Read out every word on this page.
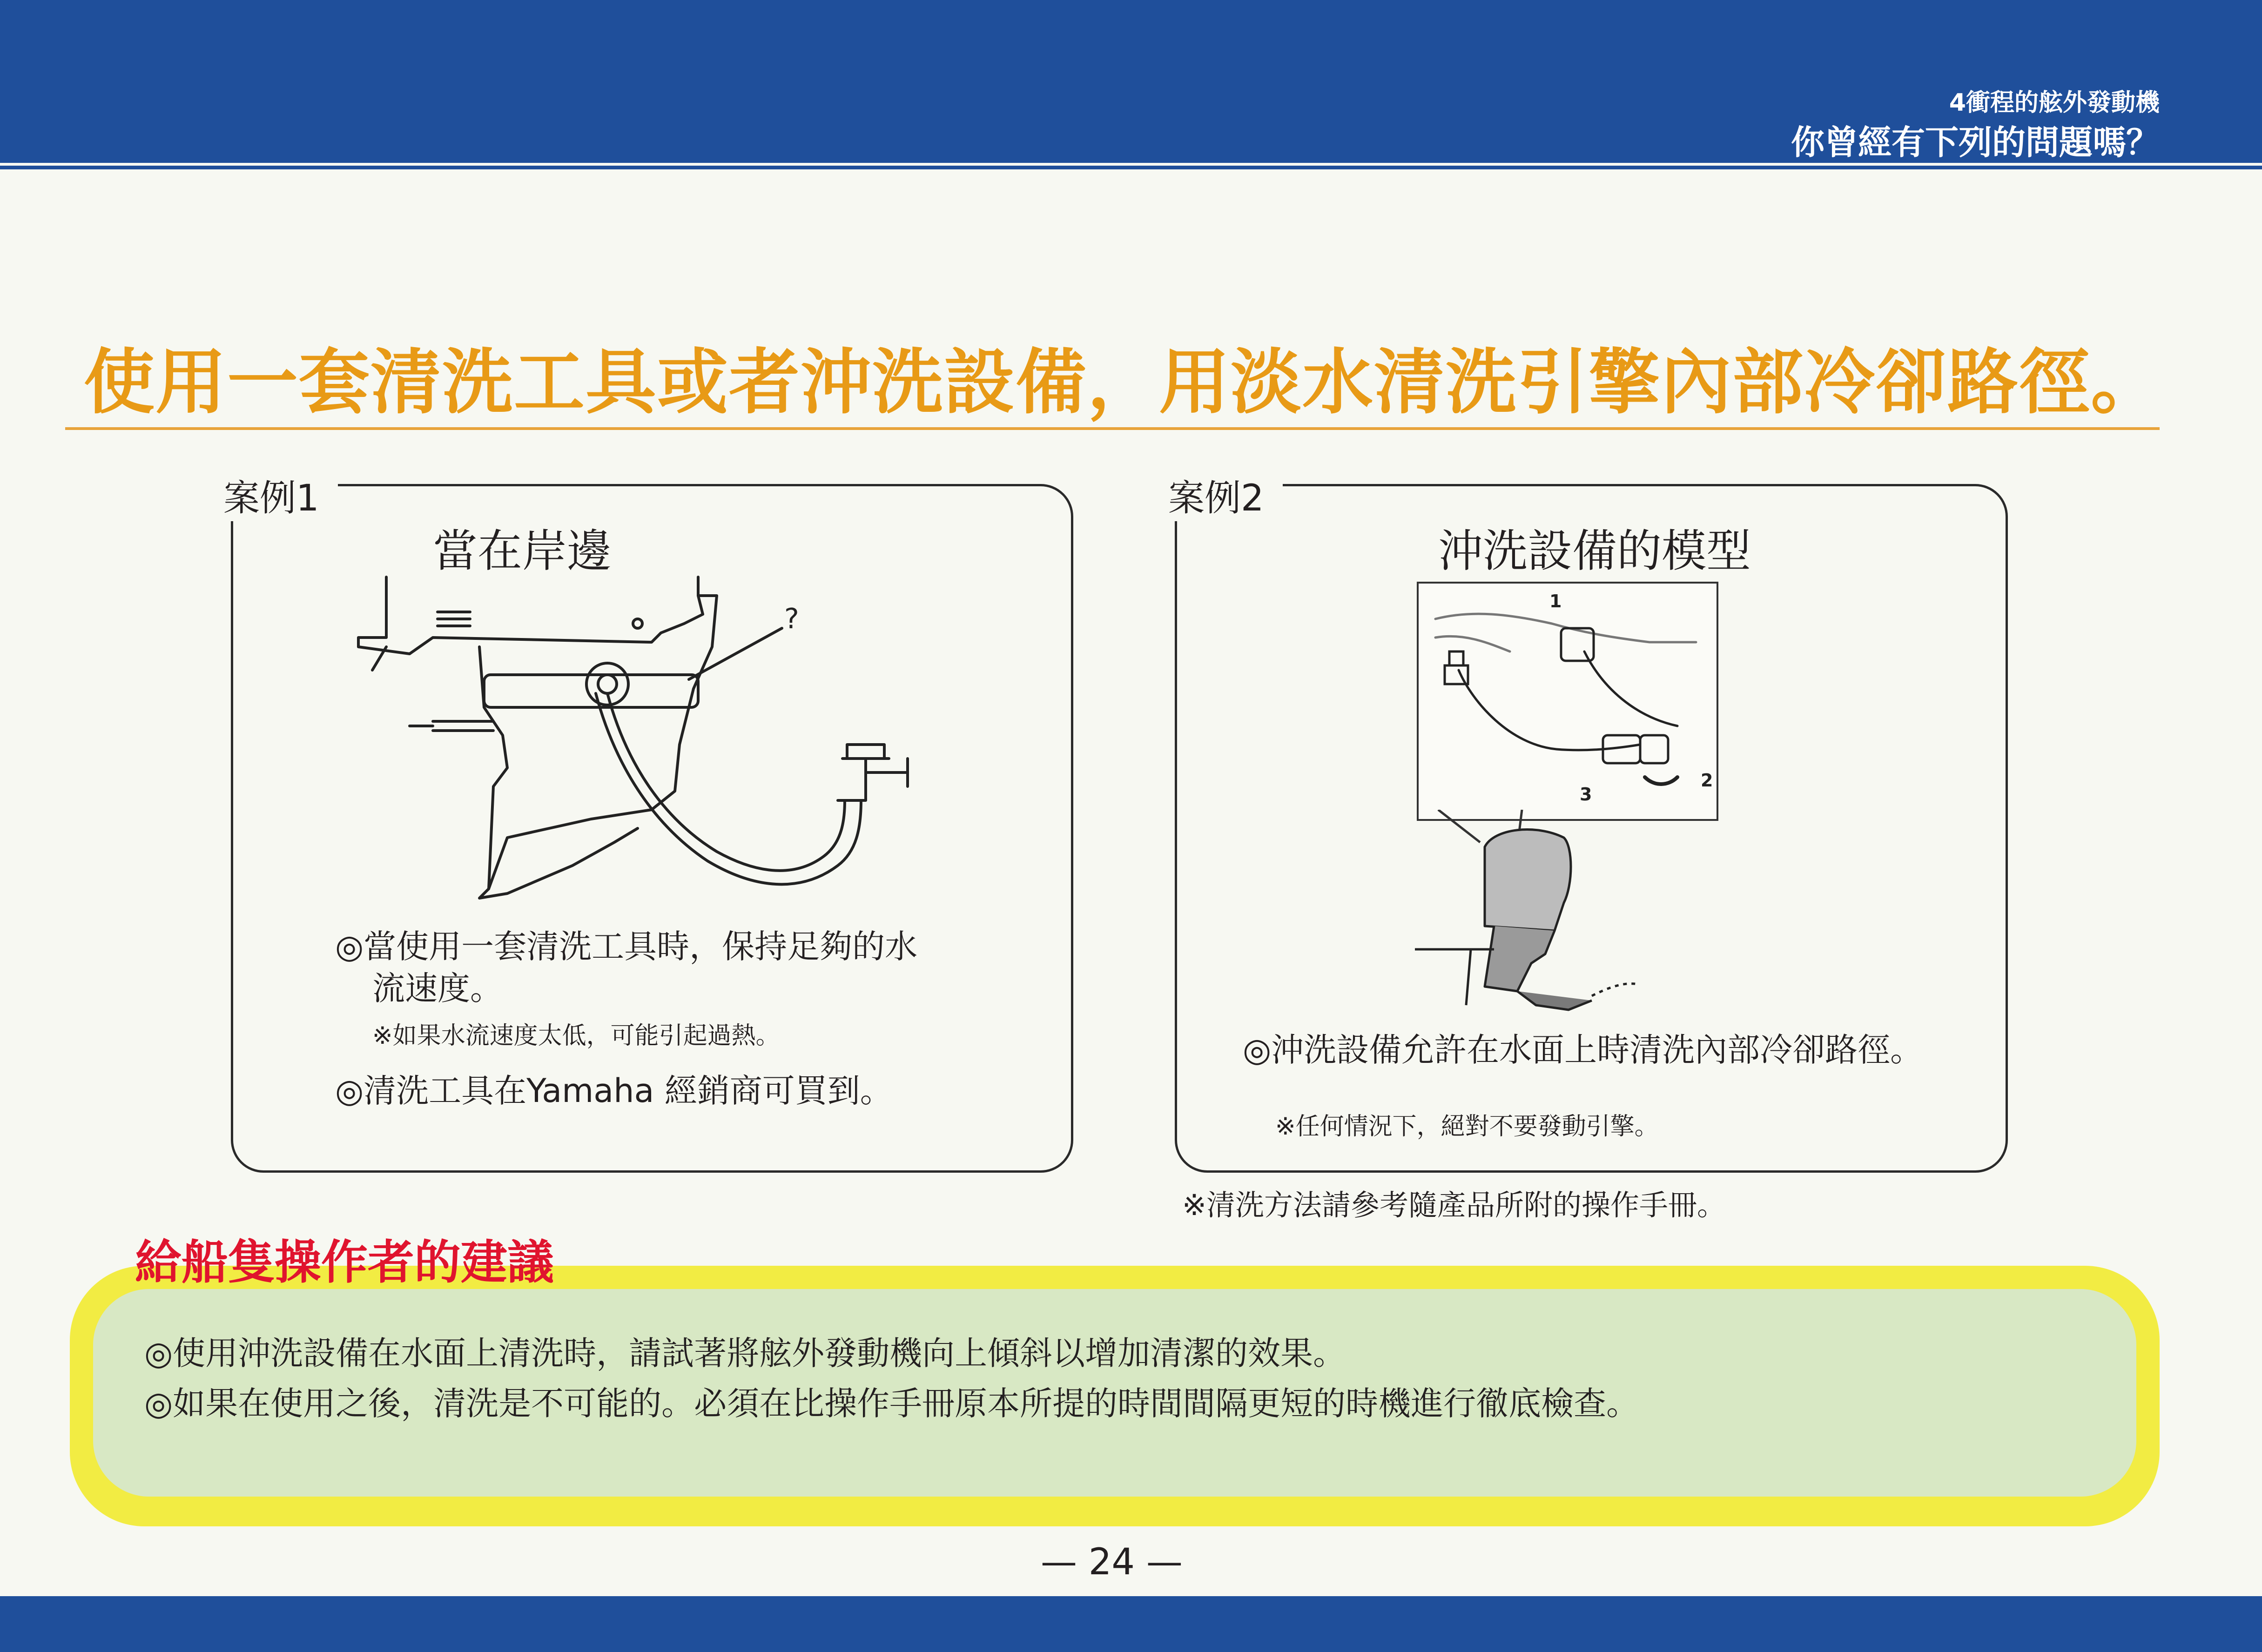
4衝程的舷外發動機
你曾經有下列的問題嗎？
使用一套清洗工具或者沖洗設備，用淡水清洗引擎內部冷卻路徑。
案例1
當在岸邊
?
◎當使用一套清洗工具時，保持足夠的水
流速度。
※如果水流速度太低，可能引起過熱。
◎清洗工具在Yamaha 經銷商可買到。
案例2
沖洗設備的模型
1
2
3
◎沖洗設備允許在水面上時清洗內部冷卻路徑。
※任何情況下，絕對不要發動引擎。
※清洗方法請參考隨產品所附的操作手冊。
給船隻操作者的建議
◎使用沖洗設備在水面上清洗時，請試著將舷外發動機向上傾斜以增加清潔的效果。
◎如果在使用之後，清洗是不可能的。必須在比操作手冊原本所提的時間間隔更短的時機進行徹底檢查。
— 24 —
